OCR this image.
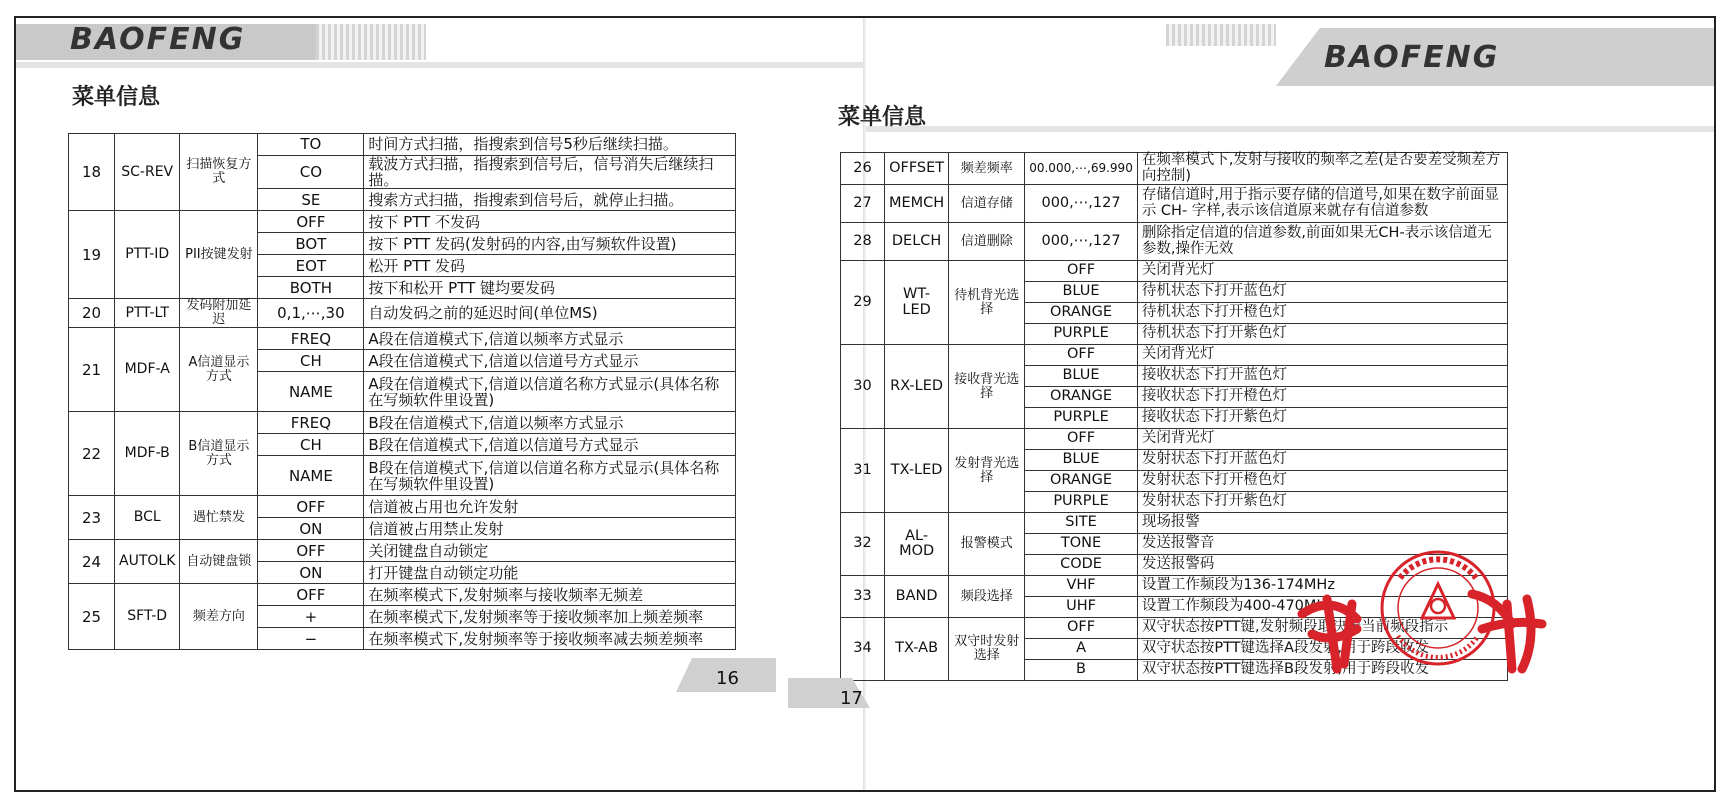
BAOFENG
菜单信息
18	SC-REV	扫描恢复方式	TO	时间方式扫描，指搜索到信号5秒后继续扫描。
			CO	载波方式扫描，指搜索到信号后，信号消失后继续扫描。
			SE	搜索方式扫描，指搜索到信号后，就停止扫描。
19	PTT-ID	PII按键发射	OFF	按下 PTT 不发码
			BOT	按下 PTT 发码(发射码的内容,由写频软件设置)
			EOT	松开 PTT 发码
			BOTH	按下和松开 PTT 键均要发码
20	PTT-LT	发码附加延迟	0,1,⋯,30	自动发码之前的延迟时间(单位MS)
21	MDF-A	A信道显示方式	FREQ	A段在信道模式下,信道以频率方式显示
			CH	A段在信道模式下,信道以信道号方式显示
			NAME	A段在信道模式下,信道以信道名称方式显示(具体名称在写频软件里设置)
22	MDF-B	B信道显示方式	FREQ	B段在信道模式下,信道以频率方式显示
			CH	B段在信道模式下,信道以信道号方式显示
			NAME	B段在信道模式下,信道以信道名称方式显示(具体名称在写频软件里设置)
23	BCL	遇忙禁发	OFF	信道被占用也允许发射
			ON	信道被占用禁止发射
24	AUTOLK	自动键盘锁	OFF	关闭键盘自动锁定
			ON	打开键盘自动锁定功能
25	SFT-D	频差方向	OFF	在频率模式下,发射频率与接收频率无频差
			+	在频率模式下,发射频率等于接收频率加上频差频率
			−	在频率模式下,发射频率等于接收频率减去频差频率
16
BAOFENG
菜单信息
26	OFFSET	频差频率	00.000,⋯,69.990	在频率模式下,发射与接收的频率之差(是否要差受频差方向控制)
27	MEMCH	信道存储	000,⋯,127	存储信道时,用于指示要存储的信道号,如果在数字前面显示 CH- 字样,表示该信道原来就存有信道参数
28	DELCH	信道删除	000,⋯,127	删除指定信道的信道参数,前面如果无CH-表示该信道无参数,操作无效
29	WT-LED	待机背光选择	OFF	关闭背光灯
			BLUE	待机状态下打开蓝色灯
			ORANGE	待机状态下打开橙色灯
			PURPLE	待机状态下打开紫色灯
30	RX-LED	接收背光选择	OFF	关闭背光灯
			BLUE	接收状态下打开蓝色灯
			ORANGE	接收状态下打开橙色灯
			PURPLE	接收状态下打开紫色灯
31	TX-LED	发射背光选择	OFF	关闭背光灯
			BLUE	发射状态下打开蓝色灯
			ORANGE	发射状态下打开橙色灯
			PURPLE	发射状态下打开紫色灯
32	AL-MOD	报警模式	SITE	现场报警
			TONE	发送报警音
			CODE	发送报警码
33	BAND	频段选择	VHF	设置工作频段为136-174MHz
			UHF	设置工作频段为400-470MHz
34	TX-AB	双守时发射选择	OFF	双守状态按PTT键,发射频段取决于当前频段指示
			A	双守状态按PTT键选择A段发射,用于跨段收发
			B	双守状态按PTT键选择B段发射,用于跨段收发
17
